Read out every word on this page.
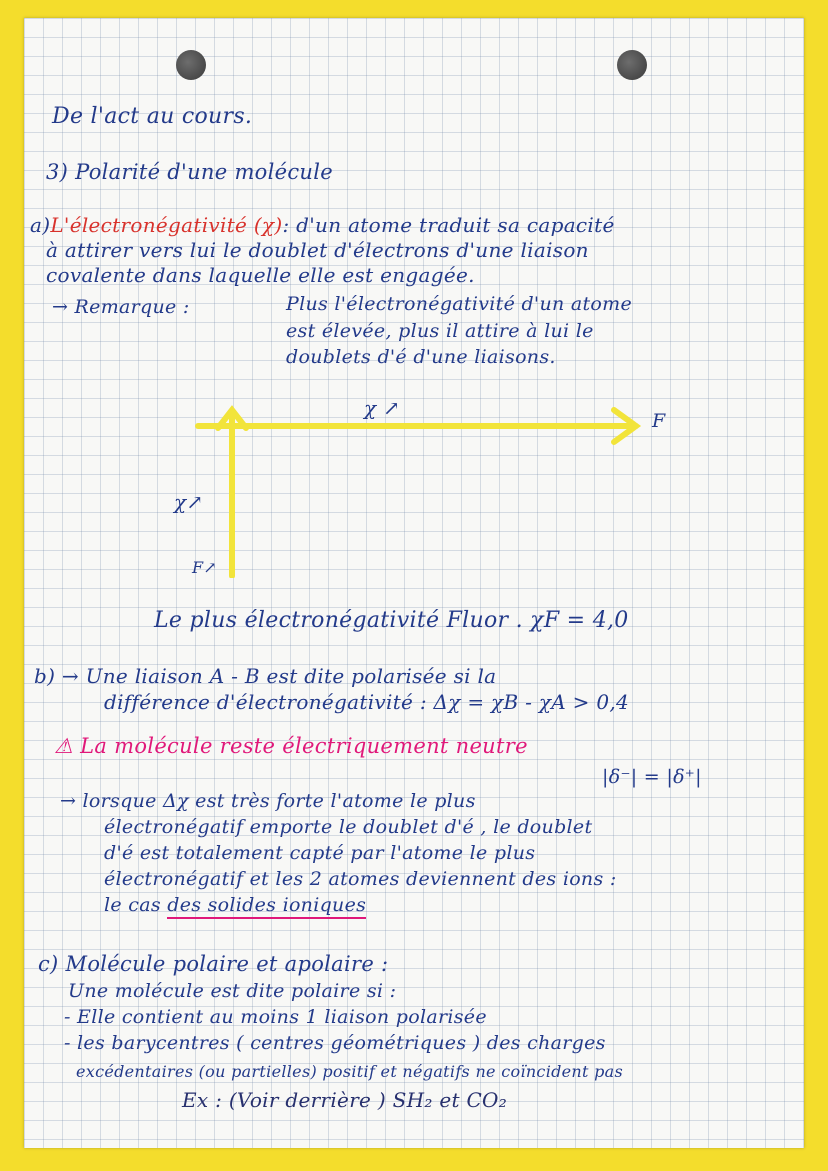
De l'act au cours.

3) Polarité d'une molécule

a)L'électronégativité (χ): d'un atome traduit sa capacité

à attirer vers lui le doublet d'électrons d'une liaison

covalente dans laquelle elle est engagée.

→ Remarque :	Plus l'électronégativité d'un atome

est élevée, plus il attire à lui le

doublets d'é d'une liaisons.

χ ↗

F

χ↗

F↗

Le plus électronégativité Fluor . χF = 4,0

b) → Une liaison A - B est dite polarisée si la

différence d'électronégativité : Δχ = χB - χA > 0,4

⚠ La molécule reste électriquement neutre

|δ⁻| = |δ⁺|

→ lorsque Δχ est très forte l'atome le plus

électronégatif emporte le doublet d'é , le doublet

d'é est totalement capté par l'atome le plus

électronégatif et les 2 atomes deviennent des ions :

le cas des solides ioniques

c) Molécule polaire et apolaire :

Une molécule est dite polaire si :

- Elle contient au moins 1 liaison polarisée

- les barycentres ( centres géométriques ) des charges

excédentaires (ou partielles) positif et négatifs ne coïncident pas

Ex : (Voir derrière ) SH₂ et CO₂
